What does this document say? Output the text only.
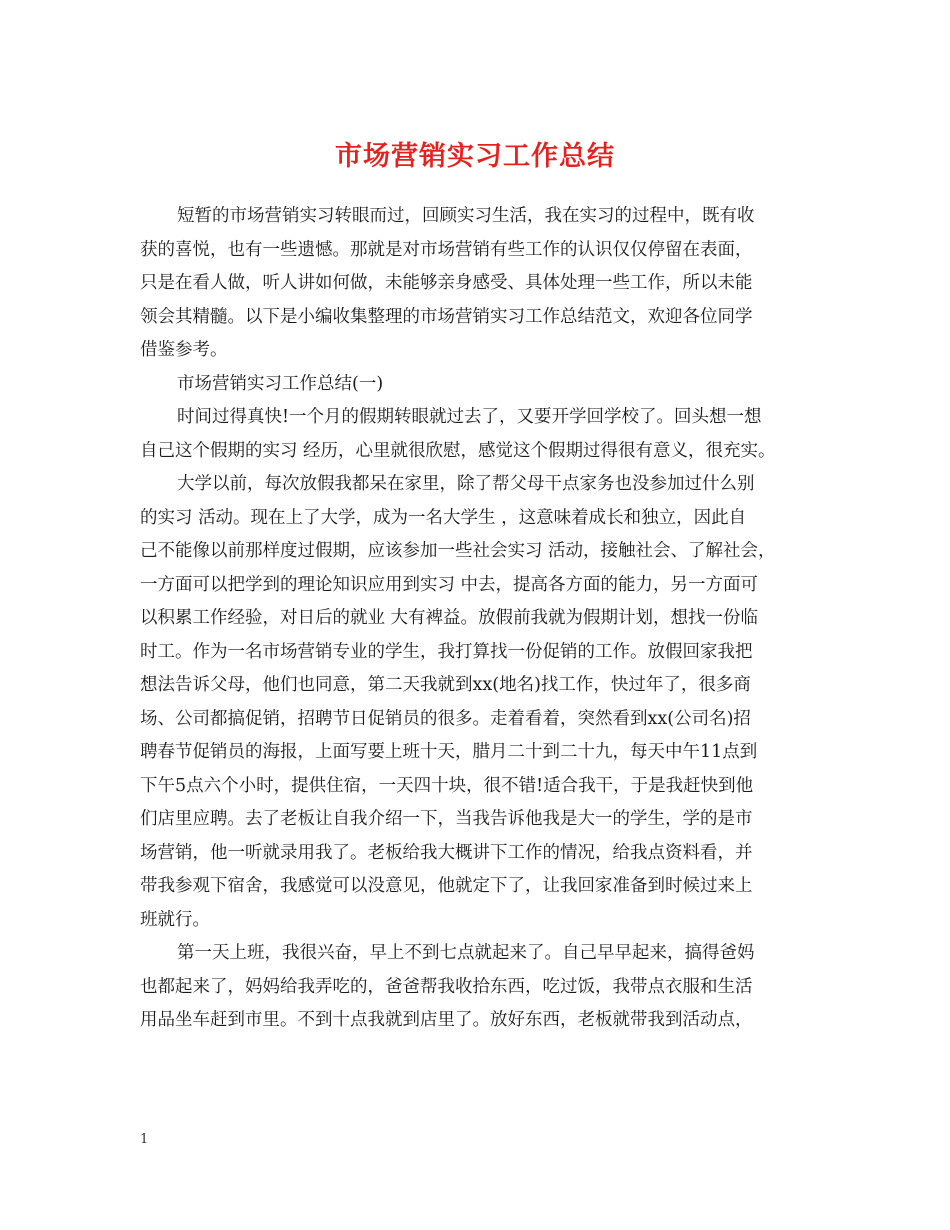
市场营销实习工作总结
短暂的市场营销实习转眼而过，回顾实习生活，我在实习的过程中，既有收
获的喜悦，也有一些遗憾。那就是对市场营销有些工作的认识仅仅停留在表面，
只是在看人做，听人讲如何做，未能够亲身感受、具体处理一些工作，所以未能
领会其精髓。以下是小编收集整理的市场营销实习工作总结范文，欢迎各位同学
借鉴参考。
市场营销实习工作总结(一)
时间过得真快!一个月的假期转眼就过去了，又要开学回学校了。回头想一想
自己这个假期的实习 经历，心里就很欣慰，感觉这个假期过得很有意义，很充实。
大学以前，每次放假我都呆在家里，除了帮父母干点家务也没参加过什么别
的实习 活动。现在上了大学，成为一名大学生 ，这意味着成长和独立，因此自
己不能像以前那样度过假期，应该参加一些社会实习 活动，接触社会、了解社会，
一方面可以把学到的理论知识应用到实习 中去，提高各方面的能力，另一方面可
以积累工作经验，对日后的就业 大有裨益。放假前我就为假期计划，想找一份临
时工。作为一名市场营销专业的学生，我打算找一份促销的工作。放假回家我把
想法告诉父母，他们也同意，第二天我就到xx(地名)找工作，快过年了，很多商
场、公司都搞促销，招聘节日促销员的很多。走着看着，突然看到xx(公司名)招
聘春节促销员的海报，上面写要上班十天，腊月二十到二十九，每天中午11点到
下午5点六个小时，提供住宿，一天四十块，很不错!适合我干，于是我赶快到他
们店里应聘。去了老板让自我介绍一下，当我告诉他我是大一的学生，学的是市
场营销，他一听就录用我了。老板给我大概讲下工作的情况，给我点资料看，并
带我参观下宿舍，我感觉可以没意见，他就定下了，让我回家准备到时候过来上
班就行。
第一天上班，我很兴奋，早上不到七点就起来了。自己早早起来，搞得爸妈
也都起来了，妈妈给我弄吃的，爸爸帮我收拾东西，吃过饭，我带点衣服和生活
用品坐车赶到市里。不到十点我就到店里了。放好东西，老板就带我到活动点，
1
